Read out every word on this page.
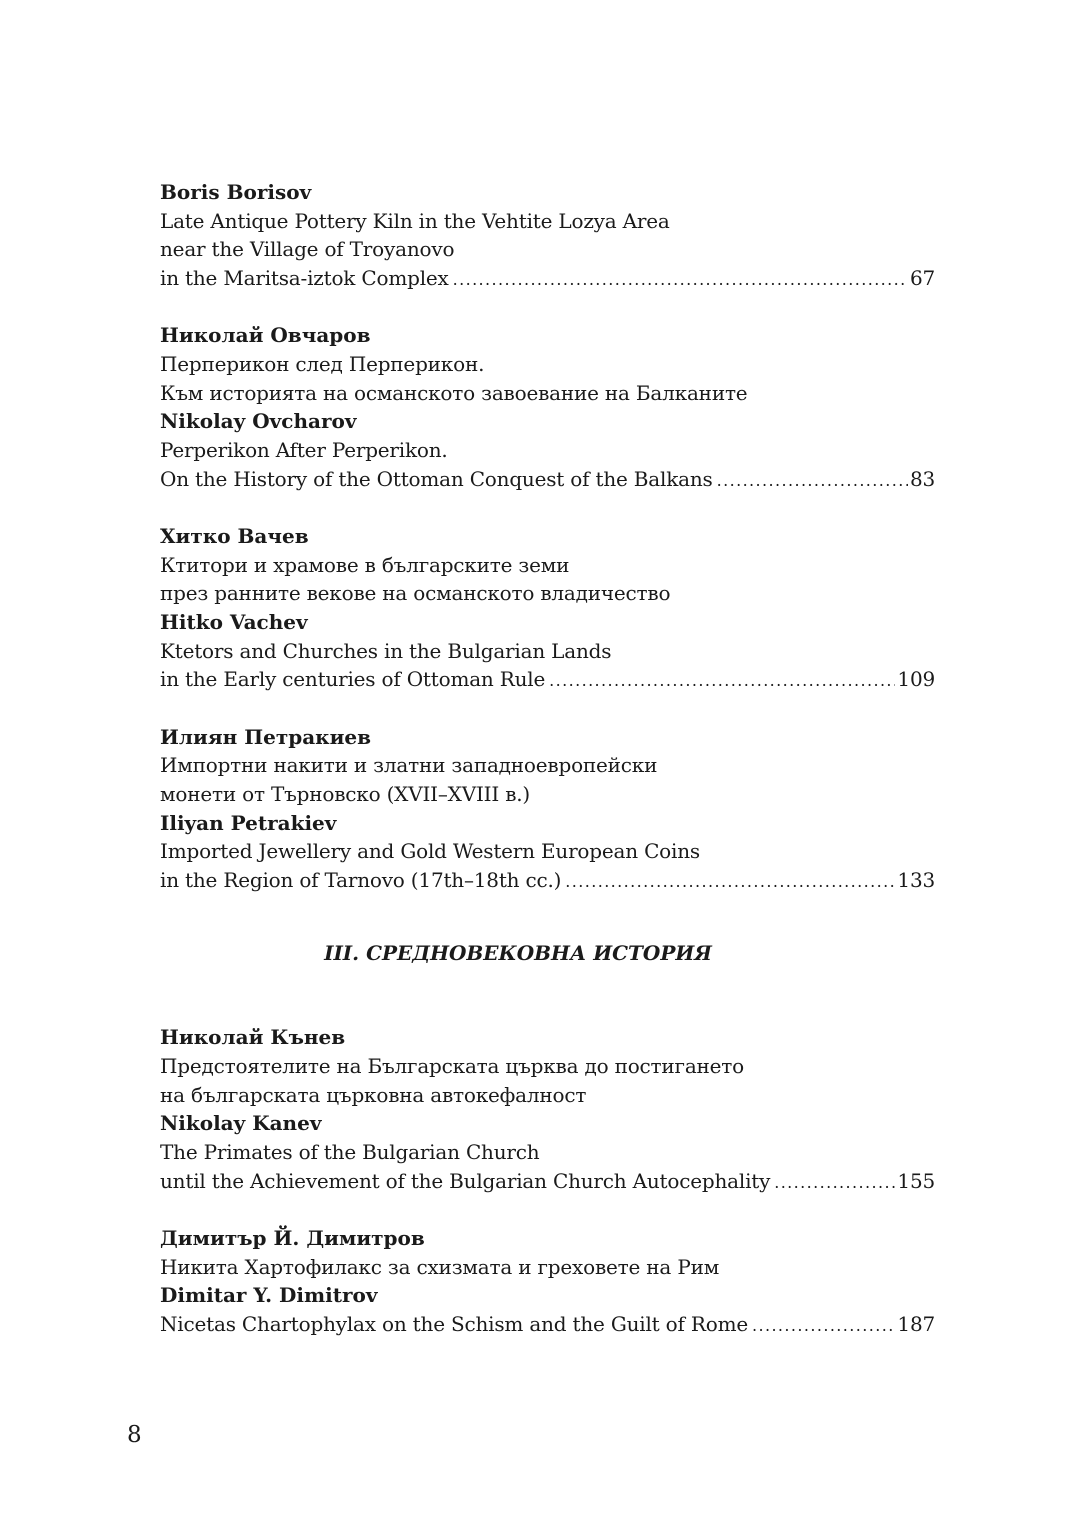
Boris Borisov
Late Antique Pottery Kiln in the Vehtite Lozya Area
near the Village of Troyanovo
in the Maritsa-iztok Complex .....	67
Николай Овчаров
Перперикон след Перперикон.
Към историята на османското завоевание на Балканите
Nikolay Ovcharov
Perperikon After Perperikon.
On the History of the Ottoman Conquest of the Balkans .....	83
Хитко Вачев
Ктитори и храмове в българските земи
през ранните векове на османското владичество
Hitko Vachev
Ktetors and Churches in the Bulgarian Lands
in the Early centuries of Ottoman Rule .....	109
Илиян Петракиев
Импортни накити и златни западноевропейски
монети от Търновско (XVII–XVIII в.)
Iliyan Petrakiev
Imported Jewellery and Gold Western European Coins
in the Region of Tarnovo (17th–18th cc.) .....	133
III. СРЕДНОВЕКОВНА ИСТОРИЯ
Николай Кънев
Предстоятелите на Българската църква до постигането
на българската църковна автокефалност
Nikolay Kanev
The Primates of the Bulgarian Church
until the Achievement of the Bulgarian Church Autocephality .....	155
Димитър Й. Димитров
Никита Хартофилакс за схизмата и греховете на Рим
Dimitar Y. Dimitrov
Nicetas Chartophylax on the Schism and the Guilt of Rome .....	187
8
